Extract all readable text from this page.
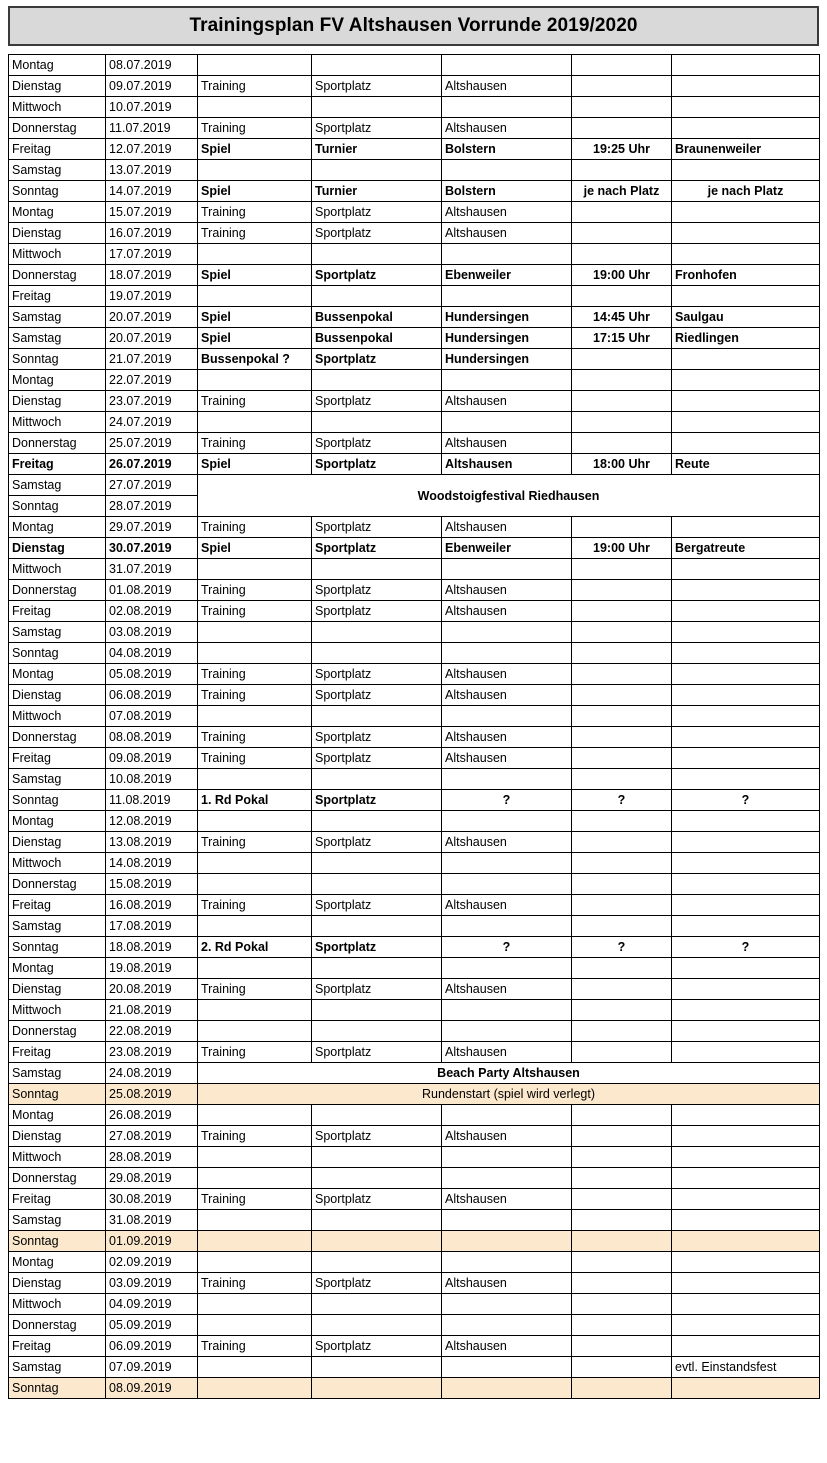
Trainingsplan FV Altshausen Vorrunde 2019/2020
Montag	08.07.2019					
Dienstag	09.07.2019	Training	Sportplatz	Altshausen		
Mittwoch	10.07.2019					
Donnerstag	11.07.2019	Training	Sportplatz	Altshausen		
Freitag	12.07.2019	Spiel	Turnier	Bolstern	19:25 Uhr	Braunenweiler
Samstag	13.07.2019					
Sonntag	14.07.2019	Spiel	Turnier	Bolstern	je nach Platz	je nach Platz
Montag	15.07.2019	Training	Sportplatz	Altshausen		
Dienstag	16.07.2019	Training	Sportplatz	Altshausen		
Mittwoch	17.07.2019					
Donnerstag	18.07.2019	Spiel	Sportplatz	Ebenweiler	19:00 Uhr	Fronhofen
Freitag	19.07.2019					
Samstag	20.07.2019	Spiel	Bussenpokal	Hundersingen	14:45 Uhr	Saulgau
Samstag	20.07.2019	Spiel	Bussenpokal	Hundersingen	17:15 Uhr	Riedlingen
Sonntag	21.07.2019	Bussenpokal ?	Sportplatz	Hundersingen		
Montag	22.07.2019					
Dienstag	23.07.2019	Training	Sportplatz	Altshausen		
Mittwoch	24.07.2019					
Donnerstag	25.07.2019	Training	Sportplatz	Altshausen		
Freitag	26.07.2019	Spiel	Sportplatz	Altshausen	18:00 Uhr	Reute
Samstag	27.07.2019	Woodstoigfestival Riedhausen				
Sonntag	28.07.2019					
Montag	29.07.2019	Training	Sportplatz	Altshausen		
Dienstag	30.07.2019	Spiel	Sportplatz	Ebenweiler	19:00 Uhr	Bergatreute
Mittwoch	31.07.2019					
Donnerstag	01.08.2019	Training	Sportplatz	Altshausen		
Freitag	02.08.2019	Training	Sportplatz	Altshausen		
Samstag	03.08.2019					
Sonntag	04.08.2019					
Montag	05.08.2019	Training	Sportplatz	Altshausen		
Dienstag	06.08.2019	Training	Sportplatz	Altshausen		
Mittwoch	07.08.2019					
Donnerstag	08.08.2019	Training	Sportplatz	Altshausen		
Freitag	09.08.2019	Training	Sportplatz	Altshausen		
Samstag	10.08.2019					
Sonntag	11.08.2019	1. Rd Pokal	Sportplatz	?	?	?
Montag	12.08.2019					
Dienstag	13.08.2019	Training	Sportplatz	Altshausen		
Mittwoch	14.08.2019					
Donnerstag	15.08.2019					
Freitag	16.08.2019	Training	Sportplatz	Altshausen		
Samstag	17.08.2019					
Sonntag	18.08.2019	2. Rd Pokal	Sportplatz	?	?	?
Montag	19.08.2019					
Dienstag	20.08.2019	Training	Sportplatz	Altshausen		
Mittwoch	21.08.2019					
Donnerstag	22.08.2019					
Freitag	23.08.2019	Training	Sportplatz	Altshausen		
Samstag	24.08.2019	Beach Party Altshausen				
Sonntag	25.08.2019	Rundenstart (spiel wird verlegt)				
Montag	26.08.2019					
Dienstag	27.08.2019	Training	Sportplatz	Altshausen		
Mittwoch	28.08.2019					
Donnerstag	29.08.2019					
Freitag	30.08.2019	Training	Sportplatz	Altshausen		
Samstag	31.08.2019					
Sonntag	01.09.2019					
Montag	02.09.2019					
Dienstag	03.09.2019	Training	Sportplatz	Altshausen		
Mittwoch	04.09.2019					
Donnerstag	05.09.2019					
Freitag	06.09.2019	Training	Sportplatz	Altshausen		
Samstag	07.09.2019					evtl. Einstandsfest
Sonntag	08.09.2019					
